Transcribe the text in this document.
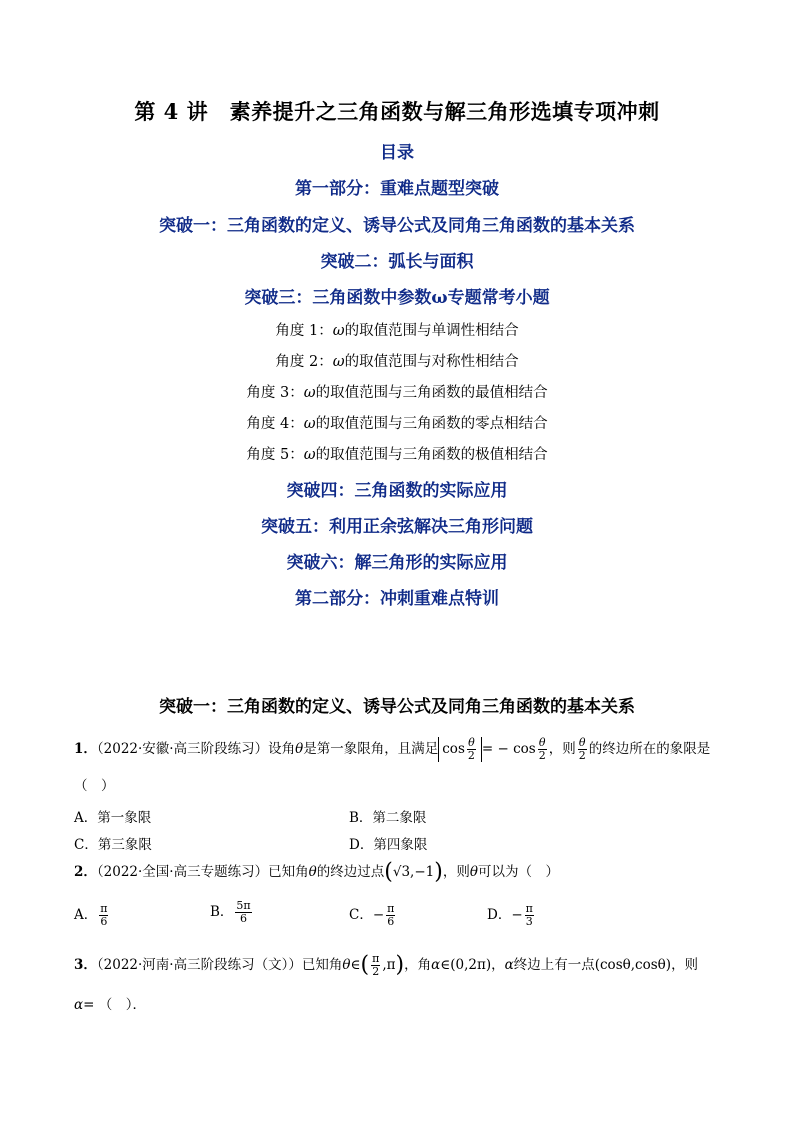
第 4 讲　素养提升之三角函数与解三角形选填专项冲刺
目录
第一部分：重难点题型突破
突破一：三角函数的定义、诱导公式及同角三角函数的基本关系
突破二：弧长与面积
突破三：三角函数中参数ω专题常考小题
角度 1：ω的取值范围与单调性相结合
角度 2：ω的取值范围与对称性相结合
角度 3：ω的取值范围与三角函数的最值相结合
角度 4：ω的取值范围与三角函数的零点相结合
角度 5：ω的取值范围与三角函数的极值相结合
突破四：三角函数的实际应用
突破五：利用正余弦解决三角形问题
突破六：解三角形的实际应用
第二部分：冲刺重难点特训
突破一：三角函数的定义、诱导公式及同角三角函数的基本关系
1．（2022·安徽·高三阶段练习）设角θ是第一象限角，且满足 $\cos \frac{\theta}{2}$ = − $\cos \frac{\theta}{2}$ ，则 $\frac{\theta}{2}$ 的终边所在的象限是
（　）
A．第一象限	B．第二象限
C．第三象限	D．第四象限
2．（2022·全国·高三专题练习）已知角θ的终边过点(√3,−1)，则θ可以为（　）
A． $\frac{\pi}{6}$	B． $\frac{5\pi}{6}$	C．− $\frac{\pi}{6}$	D．− $\frac{\pi}{3}$
3．（2022·河南·高三阶段练习（文））已知角θ∈( $\frac{\pi}{2} ,\pi$)，角α∈(0,2π)，α终边上有一点(cosθ,cosθ)，则
α= （　）．
